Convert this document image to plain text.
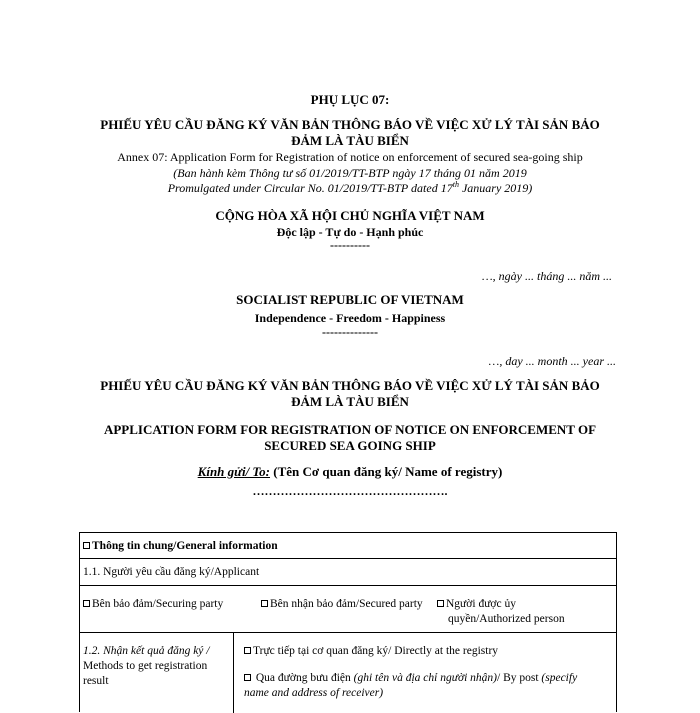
PHỤ LỤC 07:
PHIẾU YÊU CẦU ĐĂNG KÝ VĂN BẢN THÔNG BÁO VỀ VIỆC XỬ LÝ TÀI SẢN BẢO
ĐẢM LÀ TÀU BIỂN
Annex 07: Application Form for Registration of notice on enforcement of secured sea-going ship
(Ban hành kèm Thông tư số 01/2019/TT-BTP ngày 17 tháng 01 năm 2019
Promulgated under Circular No. 01/2019/TT-BTP dated 17th January 2019)
CỘNG HÒA XÃ HỘI CHỦ NGHĨA VIỆT NAM
Độc lập - Tự do - Hạnh phúc
----------
…, ngày ... tháng ... năm ...
SOCIALIST REPUBLIC OF VIETNAM
Independence - Freedom - Happiness
--------------
…, day ... month ... year ...
PHIẾU YÊU CẦU ĐĂNG KÝ VĂN BẢN THÔNG BÁO VỀ VIỆC XỬ LÝ TÀI SẢN BẢO
ĐẢM LÀ TÀU BIỂN
APPLICATION FORM FOR REGISTRATION OF NOTICE ON ENFORCEMENT OF
SECURED SEA GOING SHIP
Kính gửi/ To: (Tên Cơ quan đăng ký/ Name of registry)
………………………………………….
Thông tin chung/General information
1.1. Người yêu cầu đăng ký/Applicant
Bên bảo đảm/Securing party	Bên nhận bảo đảm/Secured party	Người được ủy
quyền/Authorized person
1.2. Nhận kết quả đăng ký /
Methods to get registration
result
Trực tiếp tại cơ quan đăng ký/ Directly at the registry
Qua đường bưu điện (ghi tên và địa chỉ người nhận)/ By post (specify
name and address of receiver)
